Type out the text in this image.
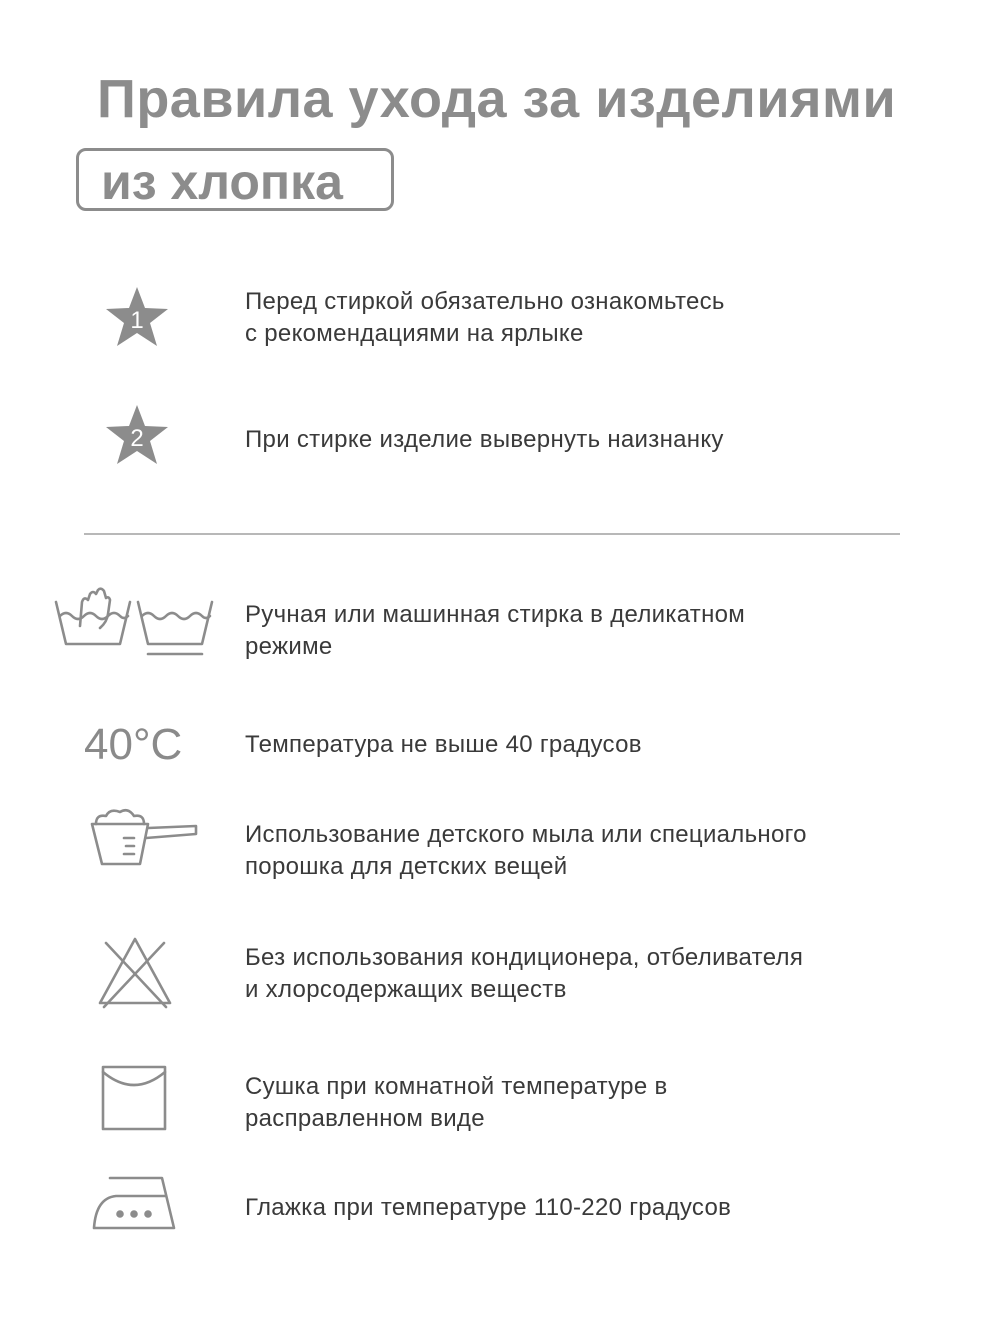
Правила ухода за изделиями
из хлопка
1
Перед стиркой обязательно ознакомьтесь
с рекомендациями на ярлыке
2	При стирке изделие вывернуть наизнанку
Ручная или машинная стирка в деликатном
режиме
40°C	Температура не выше 40 градусов
Использование детского мыла или специального
порошка для детских вещей
Без использования кондиционера, отбеливателя
и хлорсодержащих веществ
Сушка при комнатной температуре в
расправленном виде
Глажка при температуре 110-220 градусов
